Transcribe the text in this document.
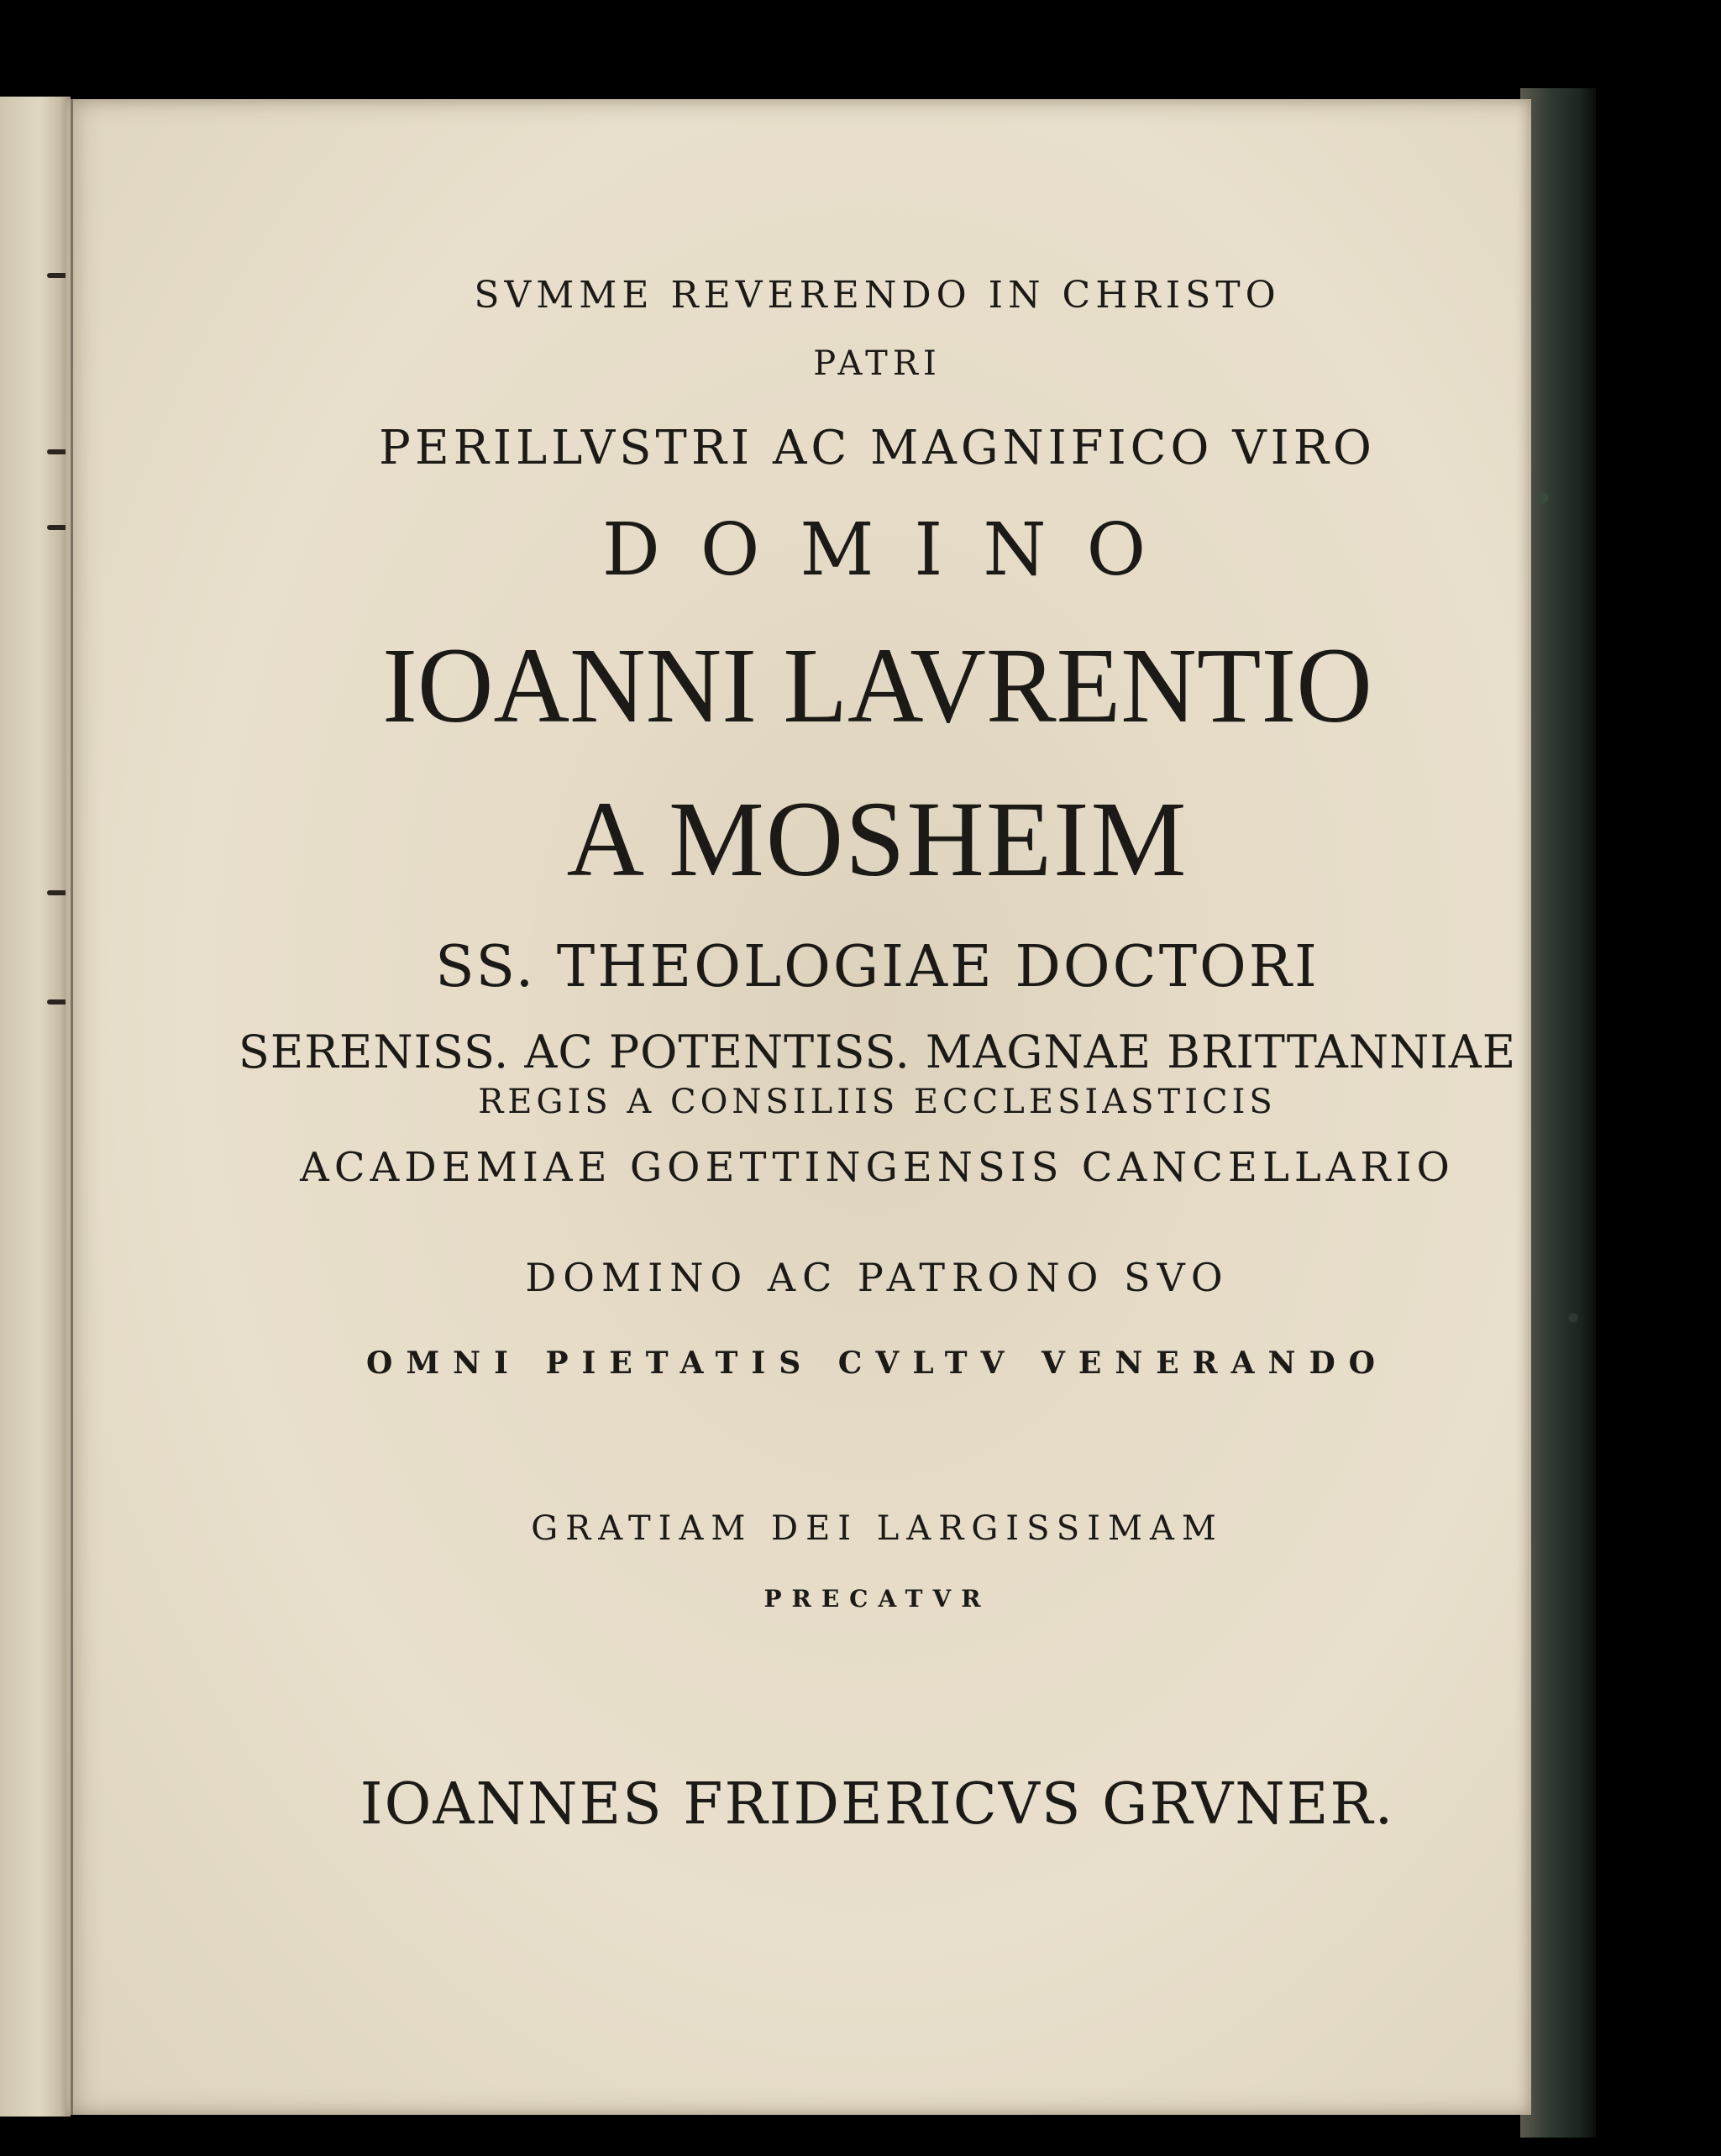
SVMME REVERENDO IN CHRISTO
PATRI
PERILLVSTRI AC MAGNIFICO VIRO
DOMINO
IOANNI LAVRENTIO
A MOSHEIM
SS. THEOLOGIAE DOCTORI
SERENISS. AC POTENTISS. MAGNAE BRITTANNIAE
REGIS A CONSILIIS ECCLESIASTICIS
ACADEMIAE GOETTINGENSIS CANCELLARIO
DOMINO AC PATRONO SVO
OMNI PIETATIS CVLTV VENERANDO
GRATIAM DEI LARGISSIMAM
PRECATVR
IOANNES FRIDERICVS GRVNER.
